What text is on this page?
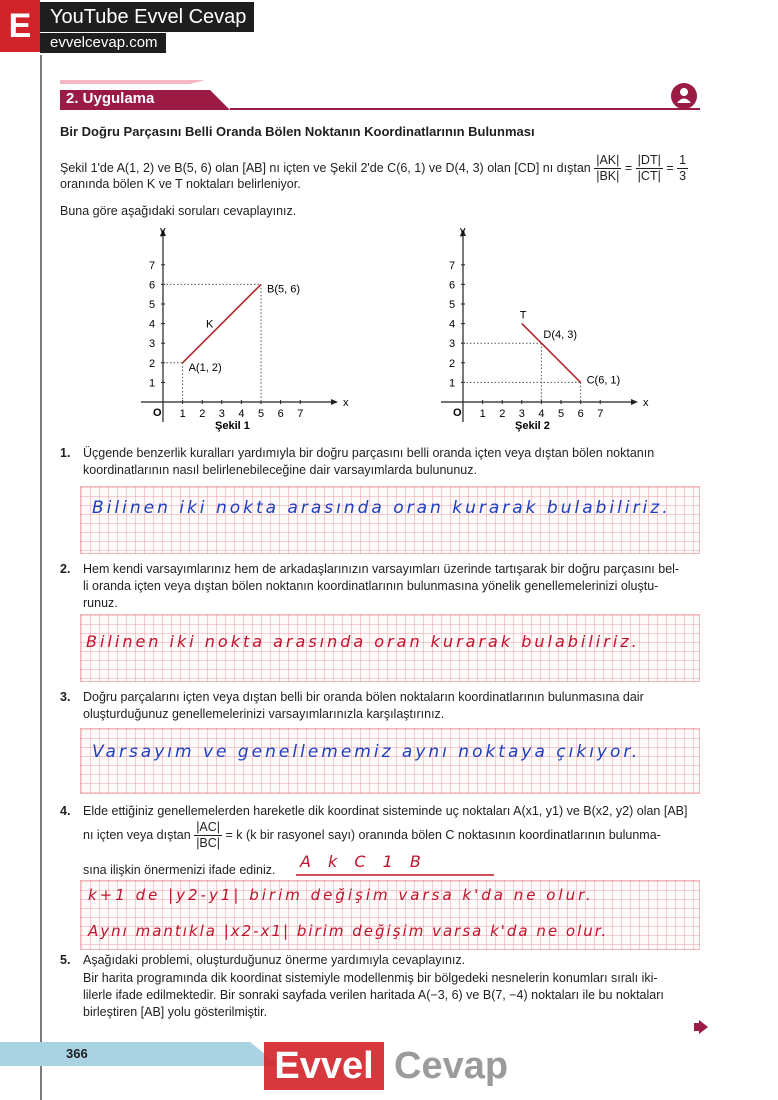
E YouTube Evvel Cevap
evvelcevap.com
2. Uygulama
Bir Doğru Parçasını Belli Oranda Bölen Noktanın Koordinatlarının Bulunması
Şekil 1'de A(1, 2) ve B(5, 6) olan [AB] nı içten ve Şekil 2'de C(6, 1) ve D(4, 3) olan [CD] nı dıştan $\frac{|AK|}{|BK|} = \frac{|DT|}{|CT|} = \frac{1}{3}$
oranında bölen K ve T noktaları belirleniyor.
Buna göre aşağıdaki soruları cevaplayınız.
x
y
O 1 2 3 4 5 6 7
1
2
3
4
5
6
7
Şekil 1
A(1, 2)
B(5, 6)
K
x
y
O 1 2 3 4 5 6 7
1
2
3
4
5
6
7
Şekil 2
T
D(4, 3)
C(6, 1)
1. Üçgende benzerlik kuralları yardımıyla bir doğru parçasını belli oranda içten veya dıştan bölen noktanın
koordinatlarının nasıl belirlenebileceğine dair varsayımlarda bulununuz.
Bilinen iki nokta arasında oran kurarak bulabiliriz.
2. Hem kendi varsayımlarınız hem de arkadaşlarınızın varsayımları üzerinde tartışarak bir doğru parçasını bel-
li oranda içten veya dıştan bölen noktanın koordinatlarının bulunmasına yönelik genellemelerinizi oluştu-
runuz.
Bilinen iki nokta arasında oran kurarak bulabiliriz.
3. Doğru parçalarını içten veya dıştan belli bir oranda bölen noktaların koordinatlarının bulunmasına dair
oluşturduğunuz genellemelerinizi varsayımlarınızla karşılaştırınız.
Varsayım ve genellememiz aynı noktaya çıkıyor.
4. Elde ettiğiniz genellemelerden hareketle dik koordinat sisteminde uç noktaları A(x1, y1) ve B(x2, y2) olan [AB]
nı içten veya dıştan $\frac{|AC|}{|BC|} = k$ (k bir rasyonel sayı) oranında bölen C noktasının koordinatlarının bulunma-
sına ilişkin önermenizi ifade ediniz. A k C 1 B
k+1 de |y2-y1| birim değişim varsa k'da ne olur.
Aynı mantıkla |x2-x1| birim değişim varsa k'da ne olur.
5. Aşağıdaki problemi, oluşturduğunuz önerme yardımıyla cevaplayınız.
Bir harita programında dik koordinat sistemiyle modellenmiş bir bölgedeki nesnelerin konumları sıralı iki-
lilerle ifade edilmektedir. Bir sonraki sayfada verilen haritada A(−3, 6) ve B(7, −4) noktaları ile bu noktaları
birleştiren [AB] yolu gösterilmiştir.
366	Evvel Cevap
